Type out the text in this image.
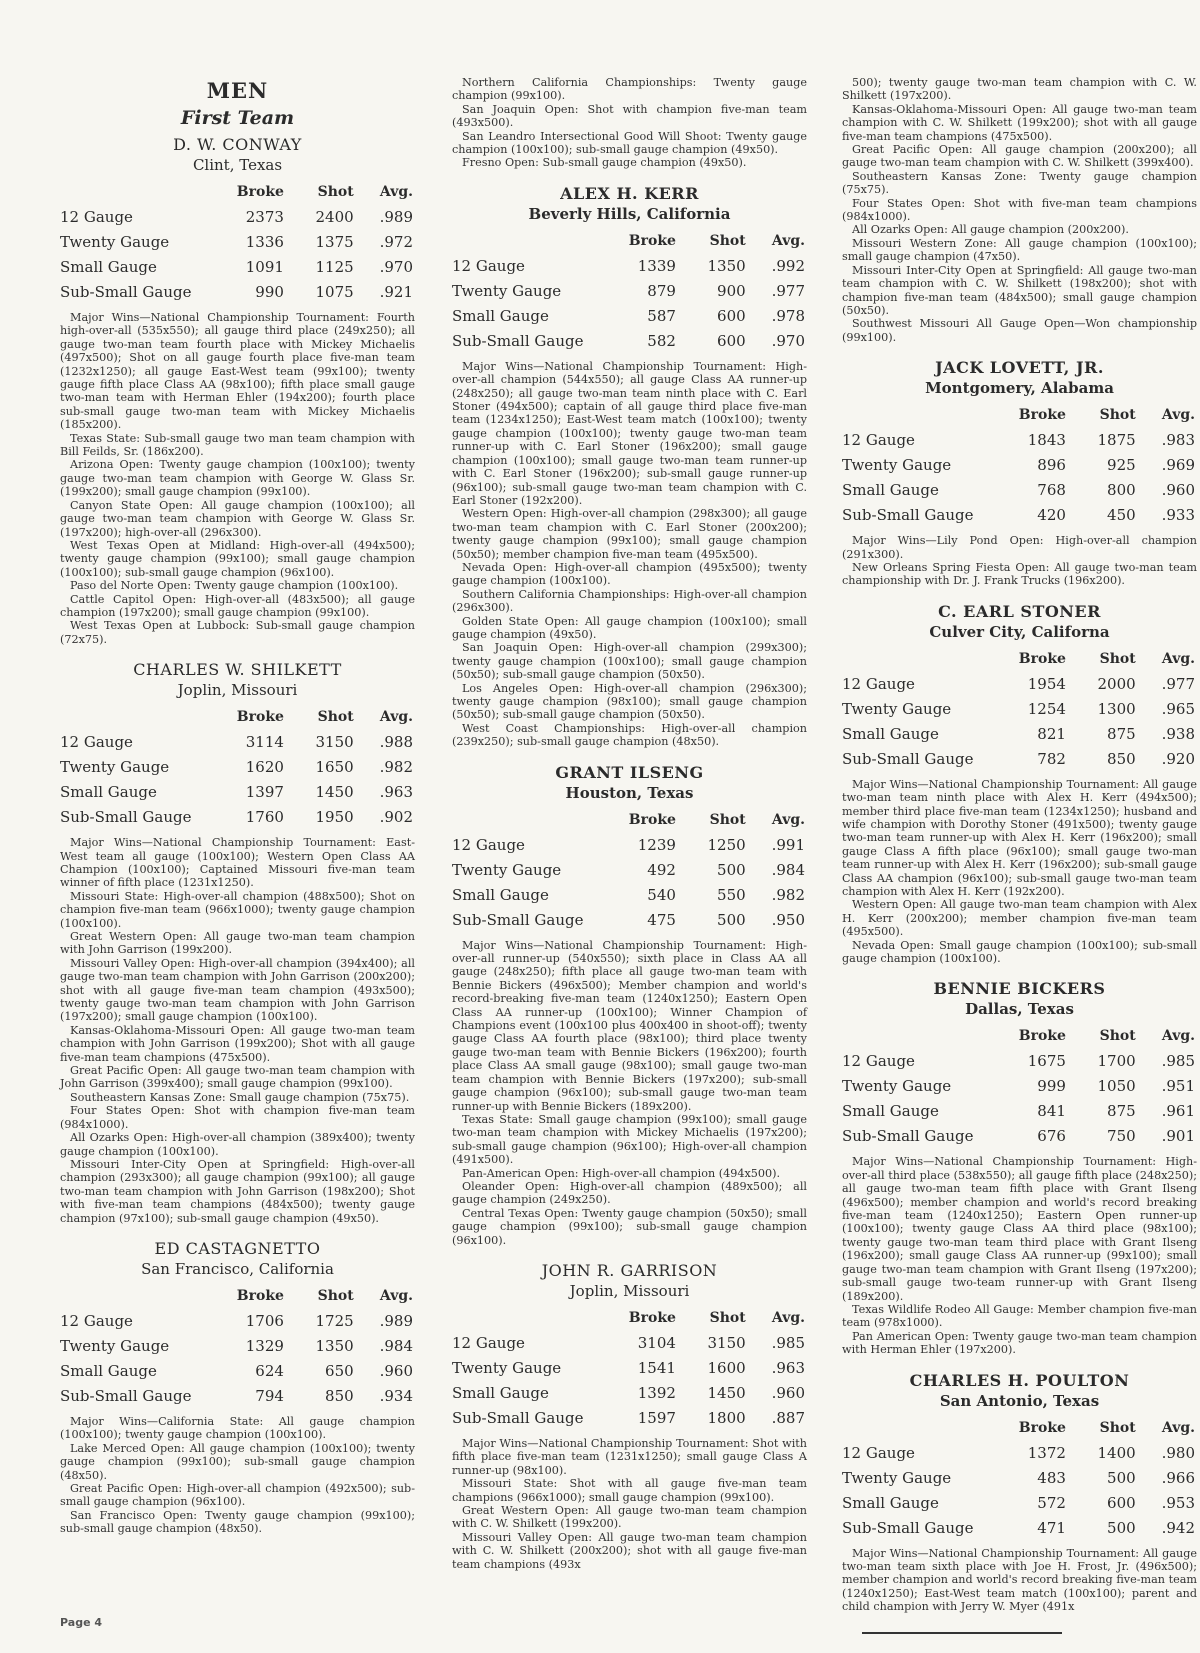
MEN
First Team
D. W. CONWAY
Clint, Texas
	Broke	Shot	Avg.
12 Gauge	2373	2400	.989
Twenty Gauge	1336	1375	.972
Small Gauge	1091	1125	.970
Sub-Small Gauge	990	1075	.921

Major Wins—National Championship Tournament: Fourth high-over-all (535x550); all gauge third place (249x250); all gauge two-man team fourth place with Mickey Michaelis (497x500); Shot on all gauge fourth place five-man team (1232x1250); all gauge East-West team (99x100); twenty gauge fifth place Class AA (98x100); fifth place small gauge two-man team with Herman Ehler (194x200); fourth place sub-small gauge two-man team with Mickey Michaelis (185x200).

Texas State: Sub-small gauge two man team champion with Bill Feilds, Sr. (186x200).

Arizona Open: Twenty gauge champion (100x100); twenty gauge two-man team champion with George W. Glass Sr. (199x200); small gauge champion (99x100).

Canyon State Open: All gauge champion (100x100); all gauge two-man team champion with George W. Glass Sr. (197x200); high-over-all (296x300).

West Texas Open at Midland: High-over-all (494x500); twenty gauge champion (99x100); small gauge champion (100x100); sub-small gauge champion (96x100).

Paso del Norte Open: Twenty gauge champion (100x100).

Cattle Capitol Open: High-over-all (483x500); all gauge champion (197x200); small gauge champion (99x100).

West Texas Open at Lubbock: Sub-small gauge champion (72x75).

CHARLES W. SHILKETT
Joplin, Missouri
	Broke	Shot	Avg.
12 Gauge	3114	3150	.988
Twenty Gauge	1620	1650	.982
Small Gauge	1397	1450	.963
Sub-Small Gauge	1760	1950	.902

Major Wins—National Championship Tournament: East-West team all gauge (100x100); Western Open Class AA Champion (100x100); Captained Missouri five-man team winner of fifth place (1231x1250).

Missouri State: High-over-all champion (488x500); Shot on champion five-man team (966x1000); twenty gauge champion (100x100).

Great Western Open: All gauge two-man team champion with John Garrison (199x200).

Missouri Valley Open: High-over-all champion (394x400); all gauge two-man team champion with John Garrison (200x200); shot with all gauge five-man team champion (493x500); twenty gauge two-man team champion with John Garrison (197x200); small gauge champion (100x100).

Kansas-Oklahoma-Missouri Open: All gauge two-man team champion with John Garrison (199x200); Shot with all gauge five-man team champions (475x500).

Great Pacific Open: All gauge two-man team champion with John Garrison (399x400); small gauge champion (99x100).

Southeastern Kansas Zone: Small gauge champion (75x75).

Four States Open: Shot with champion five-man team (984x1000).

All Ozarks Open: High-over-all champion (389x400); twenty gauge champion (100x100).

Missouri Inter-City Open at Springfield: High-over-all champion (293x300); all gauge champion (99x100); all gauge two-man team champion with John Garrison (198x200); Shot with five-man team champions (484x500); twenty gauge champion (97x100); sub-small gauge champion (49x50).

ED CASTAGNETTO
San Francisco, California
	Broke	Shot	Avg.
12 Gauge	1706	1725	.989
Twenty Gauge	1329	1350	.984
Small Gauge	624	650	.960
Sub-Small Gauge	794	850	.934

Major Wins—California State: All gauge champion (100x100); twenty gauge champion (100x100).

Lake Merced Open: All gauge champion (100x100); twenty gauge champion (99x100); sub-small gauge champion (48x50).

Great Pacific Open: High-over-all champion (492x500); sub-small gauge champion (96x100).

San Francisco Open: Twenty gauge champion (99x100); sub-small gauge champion (48x50).

Northern California Championships: Twenty gauge champion (99x100).

San Joaquin Open: Shot with champion five-man team (493x500).

San Leandro Intersectional Good Will Shoot: Twenty gauge champion (100x100); sub-small gauge champion (49x50).

Fresno Open: Sub-small gauge champion (49x50).

ALEX H. KERR
Beverly Hills, California
	Broke	Shot	Avg.
12 Gauge	1339	1350	.992
Twenty Gauge	879	900	.977
Small Gauge	587	600	.978
Sub-Small Gauge	582	600	.970

Major Wins—National Championship Tournament: High-over-all champion (544x550); all gauge Class AA runner-up (248x250); all gauge two-man team ninth place with C. Earl Stoner (494x500); captain of all gauge third place five-man team (1234x1250); East-West team match (100x100); twenty gauge champion (100x100); twenty gauge two-man team runner-up with C. Earl Stoner (196x200); small gauge champion (100x100); small gauge two-man team runner-up with C. Earl Stoner (196x200); sub-small gauge runner-up (96x100); sub-small gauge two-man team champion with C. Earl Stoner (192x200).

Western Open: High-over-all champion (298x300); all gauge two-man team champion with C. Earl Stoner (200x200); twenty gauge champion (99x100); small gauge champion (50x50); member champion five-man team (495x500).

Nevada Open: High-over-all champion (495x500); twenty gauge champion (100x100).

Southern California Championships: High-over-all champion (296x300).

Golden State Open: All gauge champion (100x100); small gauge champion (49x50).

San Joaquin Open: High-over-all champion (299x300); twenty gauge champion (100x100); small gauge champion (50x50); sub-small gauge champion (50x50).

Los Angeles Open: High-over-all champion (296x300); twenty gauge champion (98x100); small gauge champion (50x50); sub-small gauge champion (50x50).

West Coast Championships: High-over-all champion (239x250); sub-small gauge champion (48x50).

GRANT ILSENG
Houston, Texas
	Broke	Shot	Avg.
12 Gauge	1239	1250	.991
Twenty Gauge	492	500	.984
Small Gauge	540	550	.982
Sub-Small Gauge	475	500	.950

Major Wins—National Championship Tournament: High-over-all runner-up (540x550); sixth place in Class AA all gauge (248x250); fifth place all gauge two-man team with Bennie Bickers (496x500); Member champion and world's record-breaking five-man team (1240x1250); Eastern Open Class AA runner-up (100x100); Winner Champion of Champions event (100x100 plus 400x400 in shoot-off); twenty gauge Class AA fourth place (98x100); third place twenty gauge two-man team with Bennie Bickers (196x200); fourth place Class AA small gauge (98x100); small gauge two-man team champion with Bennie Bickers (197x200); sub-small gauge champion (96x100); sub-small gauge two-man team runner-up with Bennie Bickers (189x200).

Texas State: Small gauge champion (99x100); small gauge two-man team champion with Mickey Michaelis (197x200); sub-small gauge champion (96x100); High-over-all champion (491x500).

Pan-American Open: High-over-all champion (494x500).

Oleander Open: High-over-all champion (489x500); all gauge champion (249x250).

Central Texas Open: Twenty gauge champion (50x50); small gauge champion (99x100); sub-small gauge champion (96x100).

JOHN R. GARRISON
Joplin, Missouri
	Broke	Shot	Avg.
12 Gauge	3104	3150	.985
Twenty Gauge	1541	1600	.963
Small Gauge	1392	1450	.960
Sub-Small Gauge	1597	1800	.887

Major Wins—National Championship Tournament: Shot with fifth place five-man team (1231x1250); small gauge Class A runner-up (98x100).

Missouri State: Shot with all gauge five-man team champions (966x1000); small gauge champion (99x100).

Great Western Open: All gauge two-man team champion with C. W. Shilkett (199x200).

Missouri Valley Open: All gauge two-man team champion with C. W. Shilkett (200x200); shot with all gauge five-man team champions (493x

500); twenty gauge two-man team champion with C. W. Shilkett (197x200).

Kansas-Oklahoma-Missouri Open: All gauge two-man team champion with C. W. Shilkett (199x200); shot with all gauge five-man team champions (475x500).

Great Pacific Open: All gauge champion (200x200); all gauge two-man team champion with C. W. Shilkett (399x400).

Southeastern Kansas Zone: Twenty gauge champion (75x75).

Four States Open: Shot with five-man team champions (984x1000).

All Ozarks Open: All gauge champion (200x200).

Missouri Western Zone: All gauge champion (100x100); small gauge champion (47x50).

Missouri Inter-City Open at Springfield: All gauge two-man team champion with C. W. Shilkett (198x200); shot with champion five-man team (484x500); small gauge champion (50x50).

Southwest Missouri All Gauge Open—Won championship (99x100).

JACK LOVETT, JR.
Montgomery, Alabama
	Broke	Shot	Avg.
12 Gauge	1843	1875	.983
Twenty Gauge	896	925	.969
Small Gauge	768	800	.960
Sub-Small Gauge	420	450	.933

Major Wins—Lily Pond Open: High-over-all champion (291x300).

New Orleans Spring Fiesta Open: All gauge two-man team championship with Dr. J. Frank Trucks (196x200).

C. EARL STONER
Culver City, Californa
	Broke	Shot	Avg.
12 Gauge	1954	2000	.977
Twenty Gauge	1254	1300	.965
Small Gauge	821	875	.938
Sub-Small Gauge	782	850	.920

Major Wins—National Championship Tournament: All gauge two-man team ninth place with Alex H. Kerr (494x500); member third place five-man team (1234x1250); husband and wife champion with Dorothy Stoner (491x500); twenty gauge two-man team runner-up with Alex H. Kerr (196x200); small gauge Class A fifth place (96x100); small gauge two-man team runner-up with Alex H. Kerr (196x200); sub-small gauge Class AA champion (96x100); sub-small gauge two-man team champion with Alex H. Kerr (192x200).

Western Open: All gauge two-man team champion with Alex H. Kerr (200x200); member champion five-man team (495x500).

Nevada Open: Small gauge champion (100x100); sub-small gauge champion (100x100).

BENNIE BICKERS
Dallas, Texas
	Broke	Shot	Avg.
12 Gauge	1675	1700	.985
Twenty Gauge	999	1050	.951
Small Gauge	841	875	.961
Sub-Small Gauge	676	750	.901

Major Wins—National Championship Tournament: High-over-all third place (538x550); all gauge fifth place (248x250); all gauge two-man team fifth place with Grant Ilseng (496x500); member champion and world's record breaking five-man team (1240x1250); Eastern Open runner-up (100x100); twenty gauge Class AA third place (98x100); twenty gauge two-man team third place with Grant Ilseng (196x200); small gauge Class AA runner-up (99x100); small gauge two-man team champion with Grant Ilseng (197x200); sub-small gauge two-team runner-up with Grant Ilseng (189x200).

Texas Wildlife Rodeo All Gauge: Member champion five-man team (978x1000).

Pan American Open: Twenty gauge two-man team champion with Herman Ehler (197x200).

CHARLES H. POULTON
San Antonio, Texas
	Broke	Shot	Avg.
12 Gauge	1372	1400	.980
Twenty Gauge	483	500	.966
Small Gauge	572	600	.953
Sub-Small Gauge	471	500	.942

Major Wins—National Championship Tournament: All gauge two-man team sixth place with Joe H. Frost, Jr. (496x500); member champion and world's record breaking five-man team (1240x1250); East-West team match (100x100); parent and child champion with Jerry W. Myer (491x

Page 4
